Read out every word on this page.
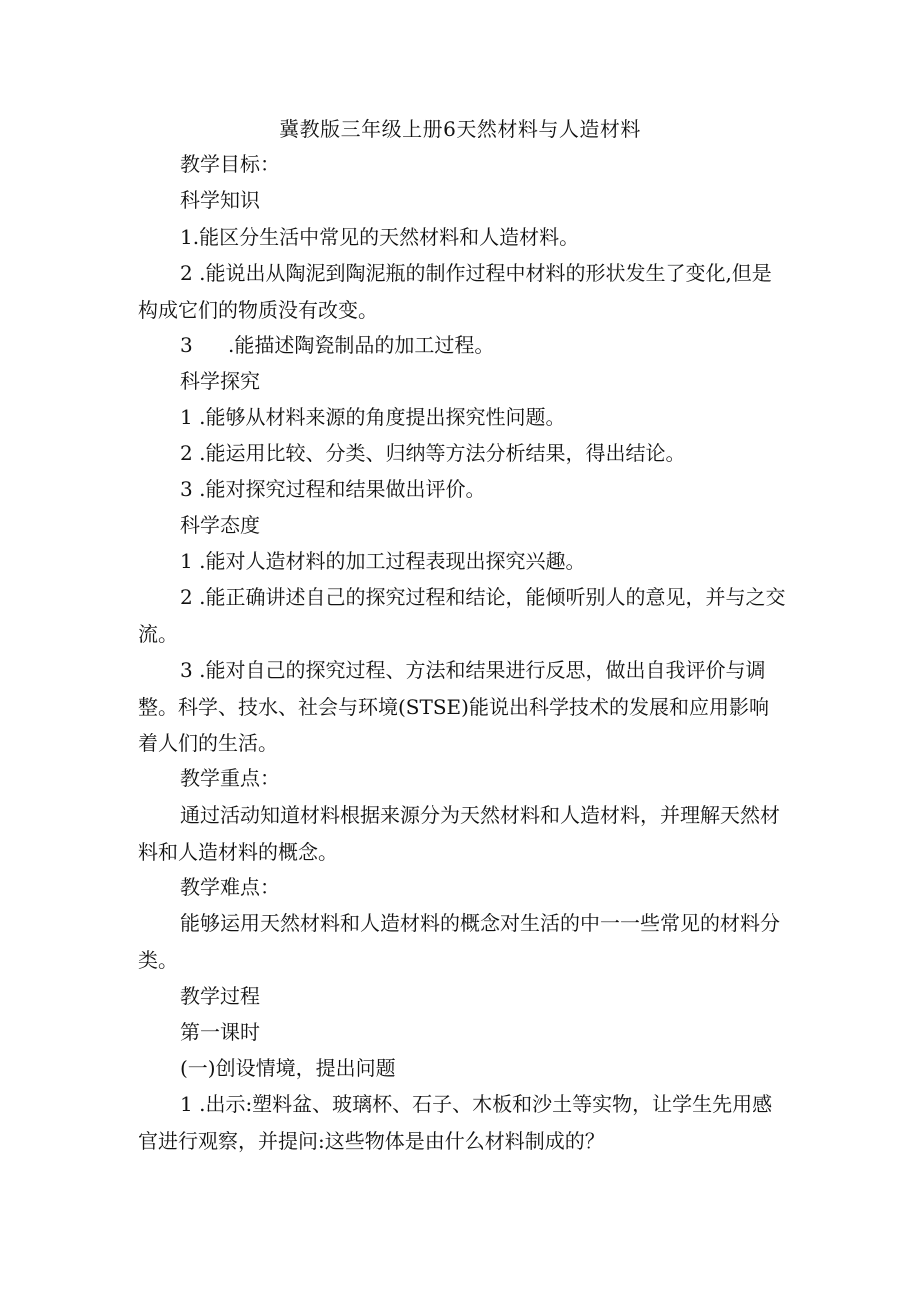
冀教版三年级上册6天然材料与人造材料
教学目标：
科学知识
1.能区分生活中常见的天然材料和人造材料。
2 .能说出从陶泥到陶泥瓶的制作过程中材料的形状发生了变化,但是构成它们的物质没有改变。
3 .能描述陶瓷制品的加工过程。
科学探究
1 .能够从材料来源的角度提出探究性问题。
2 .能运用比较、分类、归纳等方法分析结果，得出结论。
3 .能对探究过程和结果做出评价。
科学态度
1 .能对人造材料的加工过程表现出探究兴趣。
2 .能正确讲述自己的探究过程和结论，能倾听别人的意见，并与之交流。
3 .能对自己的探究过程、方法和结果进行反思，做出自我评价与调整。科学、技水、社会与环境(STSE)能说出科学技术的发展和应用影响着人们的生活。
教学重点：
通过活动知道材料根据来源分为天然材料和人造材料，并理解天然材料和人造材料的概念。
教学难点：
能够运用天然材料和人造材料的概念对生活的中一一些常见的材料分类。
教学过程
第一课时
(一)创设情境，提出问题
1 .出示:塑料盆、玻璃杯、石子、木板和沙土等实物，让学生先用感官进行观察，并提问:这些物体是由什么材料制成的？
